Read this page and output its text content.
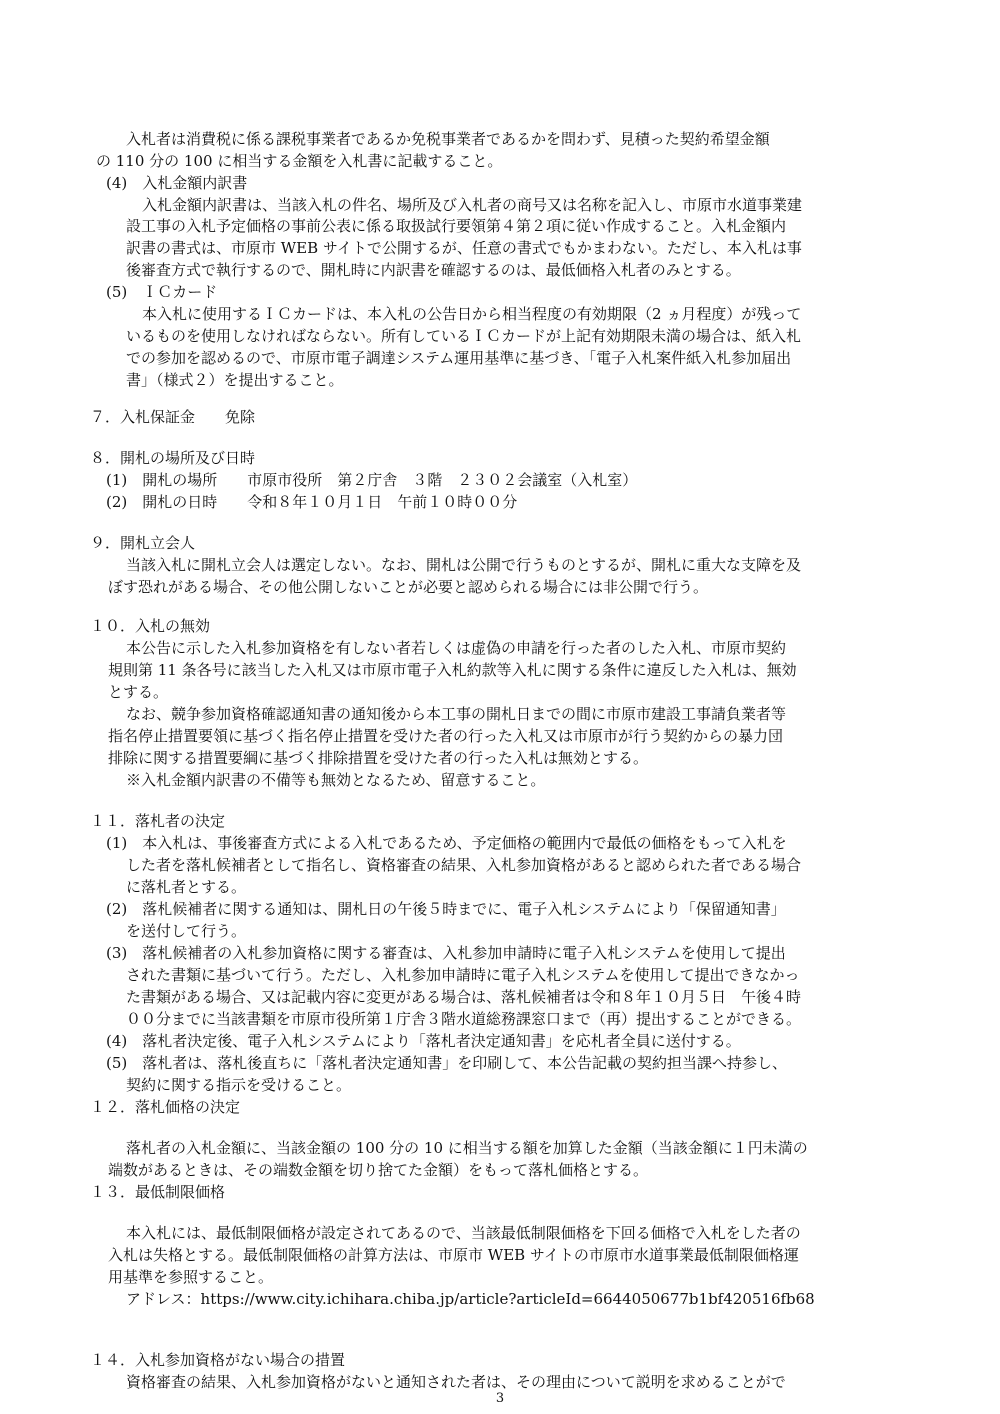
入札者は消費税に係る課税事業者であるか免税事業者であるかを問わず、見積った契約希望金額
の 110 分の 100 に相当する金額を入札書に記載すること。
(4)　入札金額内訳書
入札金額内訳書は、当該入札の件名、場所及び入札者の商号又は名称を記入し、市原市水道事業建
設工事の入札予定価格の事前公表に係る取扱試行要領第４第２項に従い作成すること。入札金額内
訳書の書式は、市原市 WEB サイトで公開するが、任意の書式でもかまわない。ただし、本入札は事
後審査方式で執行するので、開札時に内訳書を確認するのは、最低価格入札者のみとする。
(5)　ＩＣカード
本入札に使用するＩＣカードは、本入札の公告日から相当程度の有効期限（2 ヵ月程度）が残って
いるものを使用しなければならない。所有しているＩＣカードが上記有効期限未満の場合は、紙入札
での参加を認めるので、市原市電子調達システム運用基準に基づき、「電子入札案件紙入札参加届出
書」（様式２）を提出すること。
７．入札保証金　　免除
８．開札の場所及び日時
(1)　開札の場所　　市原市役所　第２庁舎　３階　２３０２会議室（入札室）
(2)　開札の日時　　令和８年１０月１日　午前１０時００分
９．開札立会人
当該入札に開札立会人は選定しない。なお、開札は公開で行うものとするが、開札に重大な支障を及
ぼす恐れがある場合、その他公開しないことが必要と認められる場合には非公開で行う。
１０．入札の無効
本公告に示した入札参加資格を有しない者若しくは虚偽の申請を行った者のした入札、市原市契約
規則第 11 条各号に該当した入札又は市原市電子入札約款等入札に関する条件に違反した入札は、無効
とする。
なお、競争参加資格確認通知書の通知後から本工事の開札日までの間に市原市建設工事請負業者等
指名停止措置要領に基づく指名停止措置を受けた者の行った入札又は市原市が行う契約からの暴力団
排除に関する措置要綱に基づく排除措置を受けた者の行った入札は無効とする。
※入札金額内訳書の不備等も無効となるため、留意すること。
１１．落札者の決定
(1)　本入札は、事後審査方式による入札であるため、予定価格の範囲内で最低の価格をもって入札を
した者を落札候補者として指名し、資格審査の結果、入札参加資格があると認められた者である場合
に落札者とする。
(2)　落札候補者に関する通知は、開札日の午後５時までに、電子入札システムにより「保留通知書」
を送付して行う。
(3)　落札候補者の入札参加資格に関する審査は、入札参加申請時に電子入札システムを使用して提出
された書類に基づいて行う。ただし、入札参加申請時に電子入札システムを使用して提出できなかっ
た書類がある場合、又は記載内容に変更がある場合は、落札候補者は令和８年１０月５日　午後４時
００分までに当該書類を市原市役所第１庁舎３階水道総務課窓口まで（再）提出することができる。
(4)　落札者決定後、電子入札システムにより「落札者決定通知書」を応札者全員に送付する。
(5)　落札者は、落札後直ちに「落札者決定通知書」を印刷して、本公告記載の契約担当課へ持参し、
契約に関する指示を受けること。
１２．落札価格の決定
落札者の入札金額に、当該金額の 100 分の 10 に相当する額を加算した金額（当該金額に１円未満の
端数があるときは、その端数金額を切り捨てた金額）をもって落札価格とする。
１３．最低制限価格
本入札には、最低制限価格が設定されてあるので、当該最低制限価格を下回る価格で入札をした者の
入札は失格とする。最低制限価格の計算方法は、市原市 WEB サイトの市原市水道事業最低制限価格運
用基準を参照すること。
アドレス：https://www.city.ichihara.chiba.jp/article?articleId=6644050677b1bf420516fb68
１４．入札参加資格がない場合の措置
資格審査の結果、入札参加資格がないと通知された者は、その理由について説明を求めることがで
3
